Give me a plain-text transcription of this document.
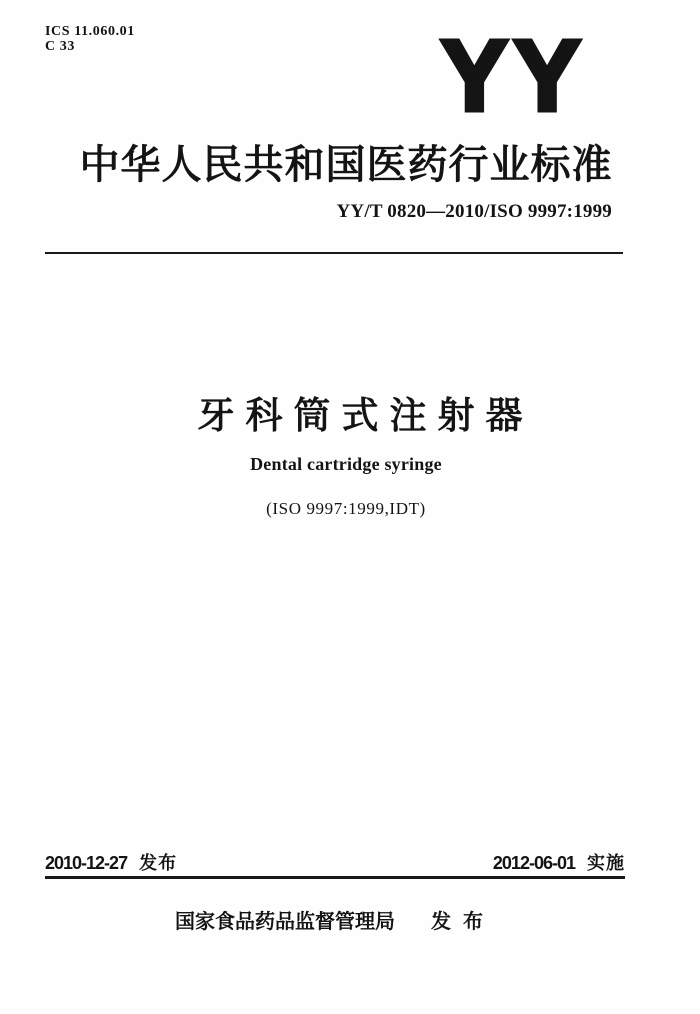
ICS 11.060.01
C 33	YY
中华人民共和国医药行业标准
YY/T 0820—2010/ISO 9997:1999
牙科筒式注射器
Dental cartridge syringe
(ISO 9997:1999,IDT)
2010-12-27 发布	2012-06-01 实施
国家食品药品监督管理局 发布
